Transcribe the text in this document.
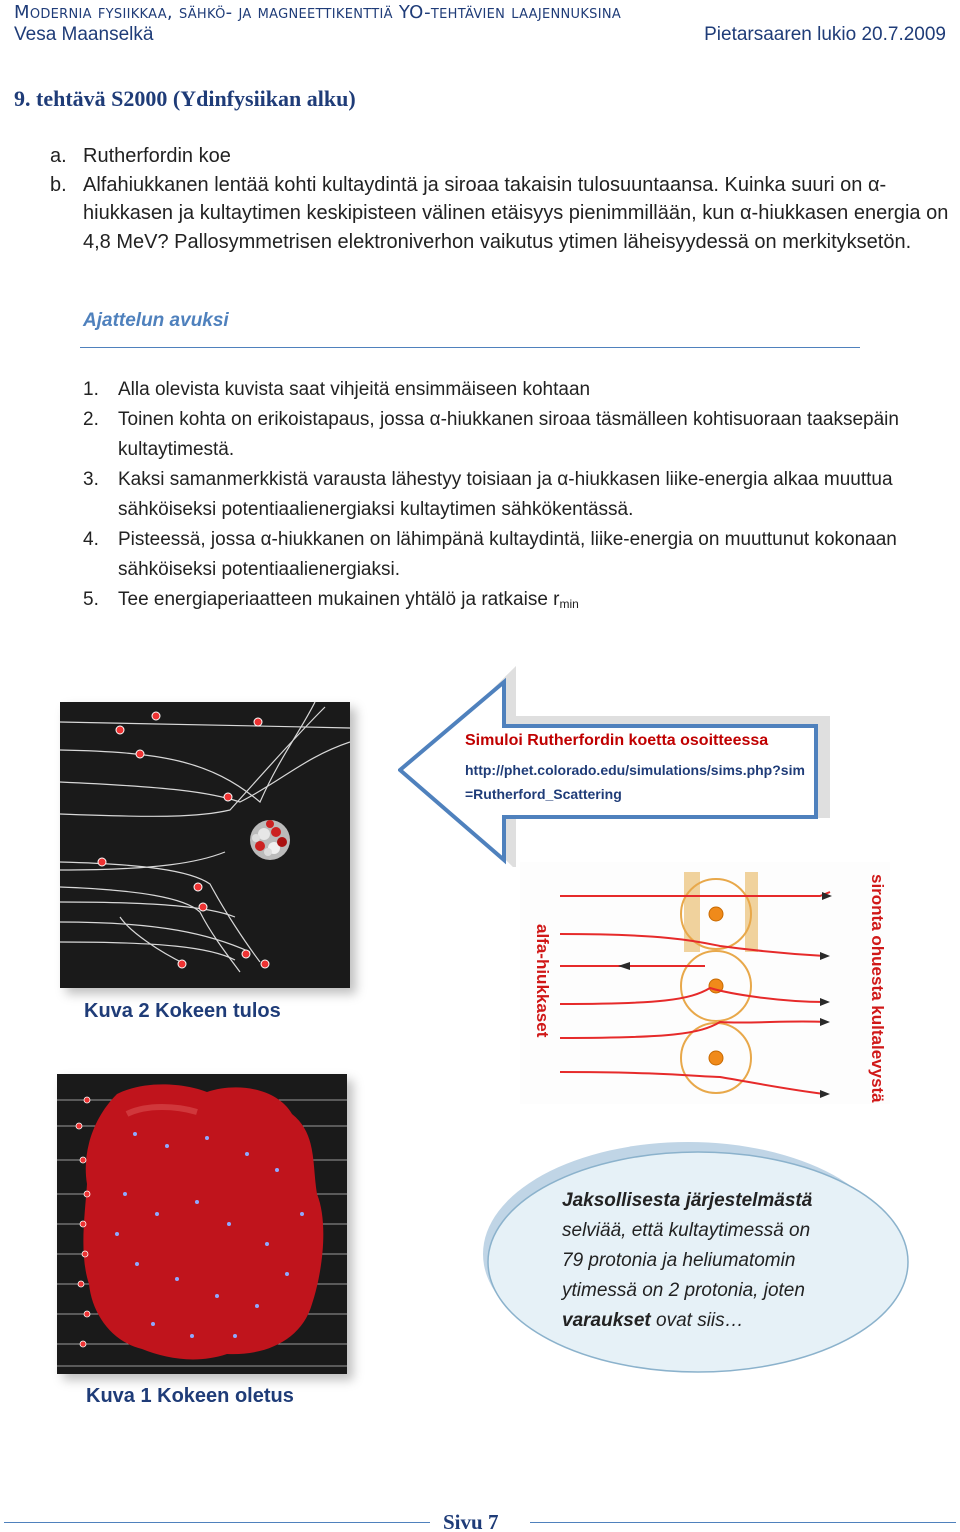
Modernia fysiikkaa, sähkö- ja magneettikenttiä YO-tehtävien laajennuksina
Vesa Maanselkä	Pietarsaaren lukio 20.7.2009
9. tehtävä S2000 (Ydinfysiikan alku)
a. Rutherfordin koe
b. Alfahiukkanen lentää kohti kultaydintä ja siroaa takaisin tulosuuntaansa. Kuinka suuri on α-hiukkasen ja kultaytimen keskipisteen välinen etäisyys pienimmillään, kun α-hiukkasen energia on 4,8 MeV? Pallosymmetrisen elektroniverhon vaikutus ytimen läheisyydessä on merkityksetön.
Ajattelun avuksi
1.	Alla olevista kuvista saat vihjeitä ensimmäiseen kohtaan
2.	Toinen kohta on erikoistapaus, jossa α-hiukkanen siroaa täsmälleen kohtisuoraan taaksepäin kultaytimestä.
3.	Kaksi samanmerkkistä varausta lähestyy toisiaan ja α-hiukkasen liike-energia alkaa muuttua sähköiseksi potentiaalienergiaksi kultaytimen sähkökentässä.
4.	Pisteessä, jossa α-hiukkanen on lähimpänä kultaydintä, liike-energia on muuttunut kokonaan sähköiseksi potentiaalienergiaksi.
5.	Tee energiaperiaatteen mukainen yhtälö ja ratkaise $r_{min}$
Kuva 2 Kokeen tulos
Kuva 1 Kokeen oletus
Simuloi Rutherfordin koetta osoitteessa
http://phet.colorado.edu/simulations/sims.php?sim=Rutherford_Scattering
alfa-hiukkaset	sironta ohuesta kultalevystä
Jaksollisesta järjestelmästä
selviää, että kultaytimessä on
79 protonia ja heliumatomin
ytimessä on 2 protonia, joten
varaukset ovat siis…
Sivu 7
